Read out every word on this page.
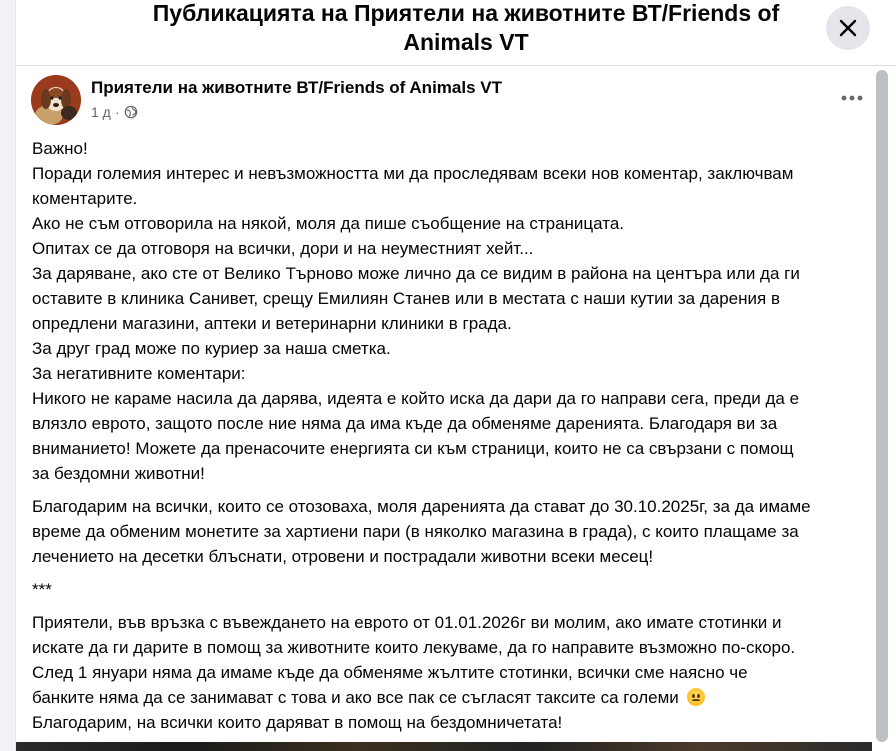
Публикацията на Приятели на животните ВТ/Friends of
Animals VT
Приятели на животните ВТ/Friends of Animals VT
1 д ·
Важно!
Поради големия интерес и невъзможността ми да проследявам всеки нов коментар, заключвам
коментарите.
Ако не съм отговорила на някой, моля да пише съобщение на страницата.
Опитах се да отговоря на всички, дори и на неуместният хейт...
За даряване, ако сте от Велико Търново може лично да се видим в района на центъра или да ги
оставите в клиника Санивет, срещу Емилиян Станев или в местата с наши кутии за дарения в
опредлени магазини, аптеки и ветеринарни клиники в града.
За друг град може по куриер за наша сметка.
За негативните коментари:
Никого не караме насила да дарява, идеята е който иска да дари да го направи сега, преди да е
влязло еврото, защото после ние няма да има къде да обменяме даренията. Благодаря ви за
вниманието! Можете да пренасочите енергията си към страници, които не са свързани с помощ
за бездомни животни!
Благодарим на всички, които се отозоваха, моля даренията да стават до 30.10.2025г, за да имаме
време да обменим монетите за хартиени пари (в няколко магазина в града), с които плащаме за
лечението на десетки блъснати, отровени и пострадали животни всеки месец!
***
Приятели, във връзка с въвеждането на еврото от 01.01.2026г ви молим, ако имате стотинки и
искате да ги дарите в помощ за животните които лекуваме, да го направите възможно по-скоро.
След 1 януари няма да имаме къде да обменяме жълтите стотинки, всички сме наясно че
банките няма да се занимават с това и ако все пак се съгласят таксите са големи
Благодарим, на всички които даряват в помощ на бездомничетата!
